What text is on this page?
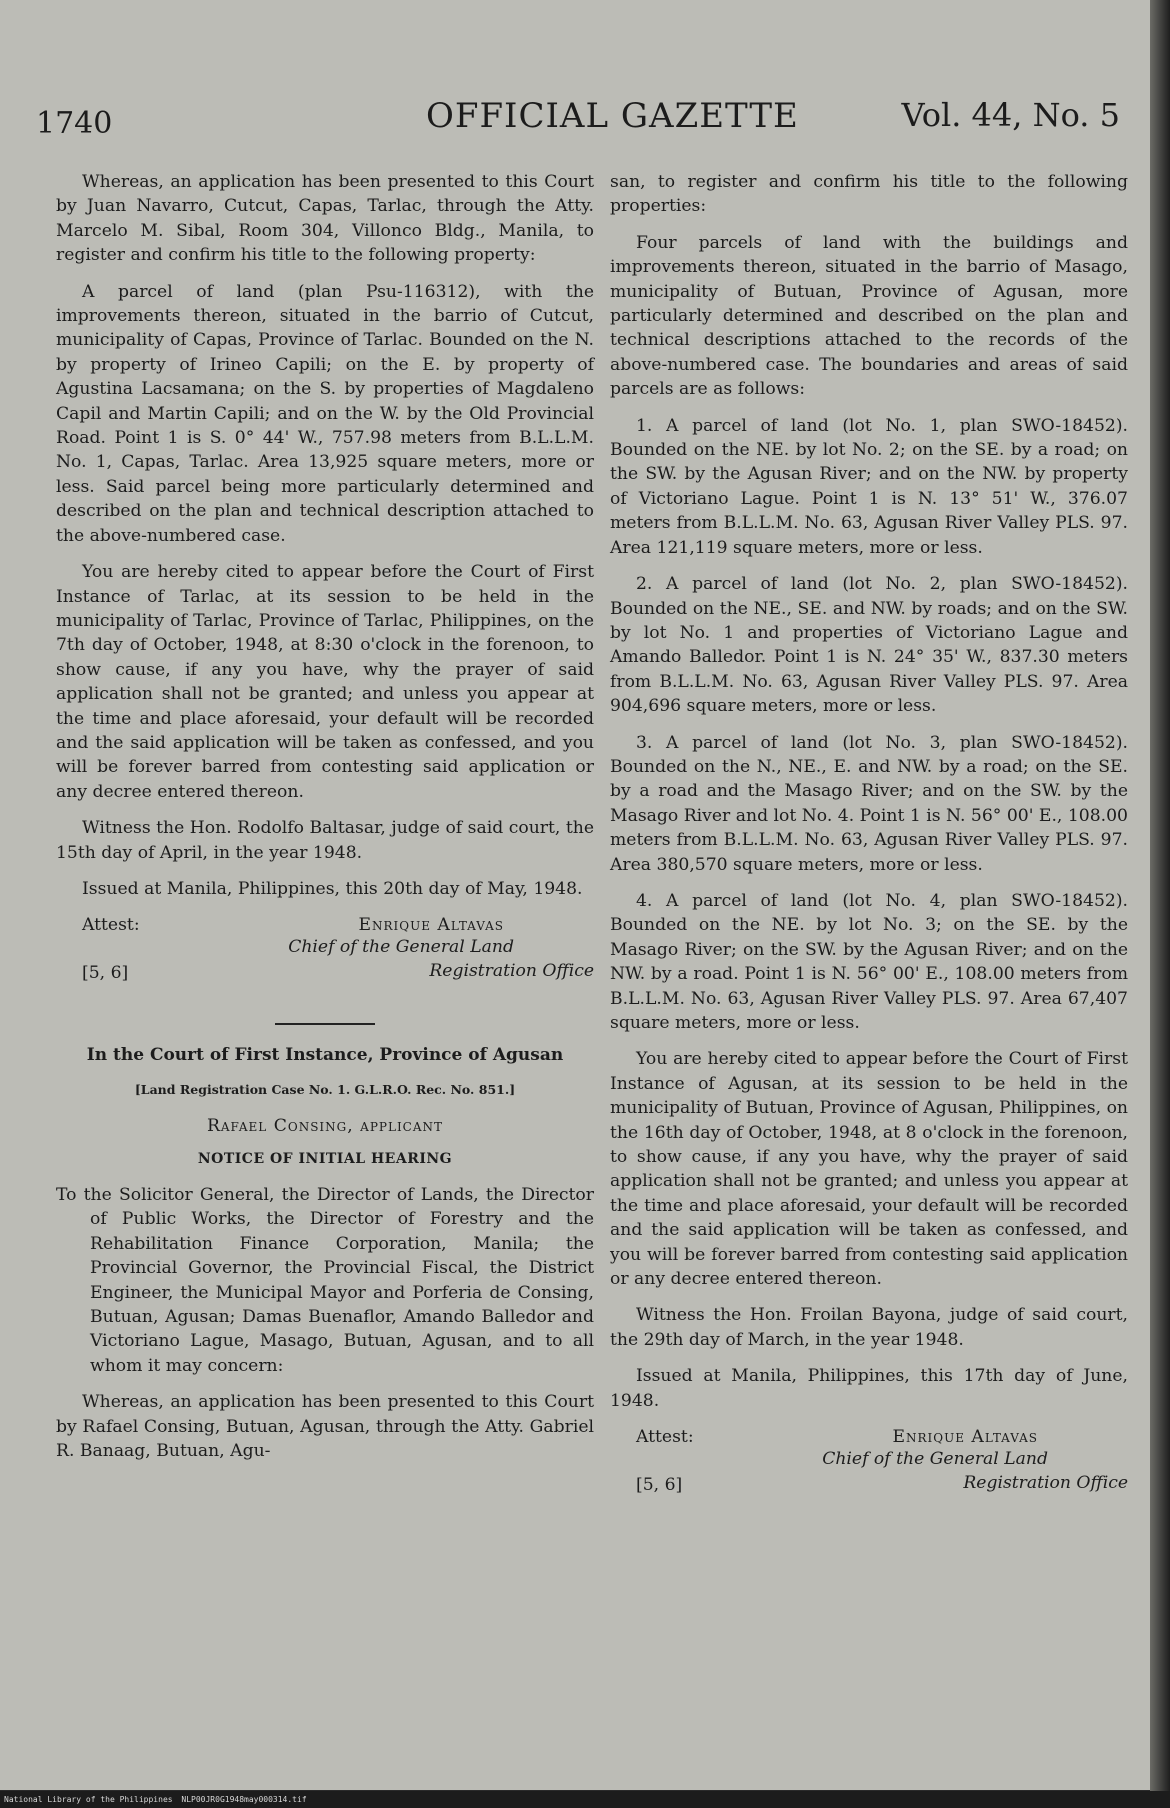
1740	OFFICIAL GAZETTE	Vol. 44, No. 5

Whereas, an application has been presented to this Court by Juan Navarro, Cutcut, Capas, Tarlac, through the Atty. Marcelo M. Sibal, Room 304, Villonco Bldg., Manila, to register and confirm his title to the following property:

A parcel of land (plan Psu-116312), with the improvements thereon, situated in the barrio of Cutcut, municipality of Capas, Province of Tarlac. Bounded on the N. by property of Irineo Capili; on the E. by property of Agustina Lacsamana; on the S. by properties of Magdaleno Capil and Martin Capili; and on the W. by the Old Provincial Road. Point 1 is S. 0° 44' W., 757.98 meters from B.L.L.M. No. 1, Capas, Tarlac. Area 13,925 square meters, more or less. Said parcel being more particularly determined and described on the plan and technical description attached to the above-numbered case.

You are hereby cited to appear before the Court of First Instance of Tarlac, at its session to be held in the municipality of Tarlac, Province of Tarlac, Philippines, on the 7th day of October, 1948, at 8:30 o'clock in the forenoon, to show cause, if any you have, why the prayer of said application shall not be granted; and unless you appear at the time and place aforesaid, your default will be recorded and the said application will be taken as confessed, and you will be forever barred from contesting said application or any decree entered thereon.

Witness the Hon. Rodolfo Baltasar, judge of said court, the 15th day of April, in the year 1948.

Issued at Manila, Philippines, this 20th day of May, 1948.

Attest:	Enrique Altavas
Chief of the General Land
[5, 6]	Registration Office
In the Court of First Instance, Province of Agusan
[Land Registration Case No. 1. G.L.R.O. Rec. No. 851.]
Rafael Consing, applicant
NOTICE OF INITIAL HEARING

To the Solicitor General, the Director of Lands, the Director of Public Works, the Director of Forestry and the Rehabilitation Finance Corporation, Manila; the Provincial Governor, the Provincial Fiscal, the District Engineer, the Municipal Mayor and Porferia de Consing, Butuan, Agusan; Damas Buenaflor, Amando Balledor and Victoriano Lague, Masago, Butuan, Agusan, and to all whom it may concern:

Whereas, an application has been presented to this Court by Rafael Consing, Butuan, Agusan, through the Atty. Gabriel R. Banaag, Butuan, Agu-

san, to register and confirm his title to the following properties:

Four parcels of land with the buildings and improvements thereon, situated in the barrio of Masago, municipality of Butuan, Province of Agusan, more particularly determined and described on the plan and technical descriptions attached to the records of the above-numbered case. The boundaries and areas of said parcels are as follows:

1. A parcel of land (lot No. 1, plan SWO-18452). Bounded on the NE. by lot No. 2; on the SE. by a road; on the SW. by the Agusan River; and on the NW. by property of Victoriano Lague. Point 1 is N. 13° 51' W., 376.07 meters from B.L.L.M. No. 63, Agusan River Valley PLS. 97. Area 121,119 square meters, more or less.

2. A parcel of land (lot No. 2, plan SWO-18452). Bounded on the NE., SE. and NW. by roads; and on the SW. by lot No. 1 and properties of Victoriano Lague and Amando Balledor. Point 1 is N. 24° 35' W., 837.30 meters from B.L.L.M. No. 63, Agusan River Valley PLS. 97. Area 904,696 square meters, more or less.

3. A parcel of land (lot No. 3, plan SWO-18452). Bounded on the N., NE., E. and NW. by a road; on the SE. by a road and the Masago River; and on the SW. by the Masago River and lot No. 4. Point 1 is N. 56° 00' E., 108.00 meters from B.L.L.M. No. 63, Agusan River Valley PLS. 97. Area 380,570 square meters, more or less.

4. A parcel of land (lot No. 4, plan SWO-18452). Bounded on the NE. by lot No. 3; on the SE. by the Masago River; on the SW. by the Agusan River; and on the NW. by a road. Point 1 is N. 56° 00' E., 108.00 meters from B.L.L.M. No. 63, Agusan River Valley PLS. 97. Area 67,407 square meters, more or less.

You are hereby cited to appear before the Court of First Instance of Agusan, at its session to be held in the municipality of Butuan, Province of Agusan, Philippines, on the 16th day of October, 1948, at 8 o'clock in the forenoon, to show cause, if any you have, why the prayer of said application shall not be granted; and unless you appear at the time and place aforesaid, your default will be recorded and the said application will be taken as confessed, and you will be forever barred from contesting said application or any decree entered thereon.

Witness the Hon. Froilan Bayona, judge of said court, the 29th day of March, in the year 1948.

Issued at Manila, Philippines, this 17th day of June, 1948.

Attest:	Enrique Altavas
Chief of the General Land
[5, 6]	Registration Office
National Library of the Philippines NLP00JR0G1948may000314.tif
